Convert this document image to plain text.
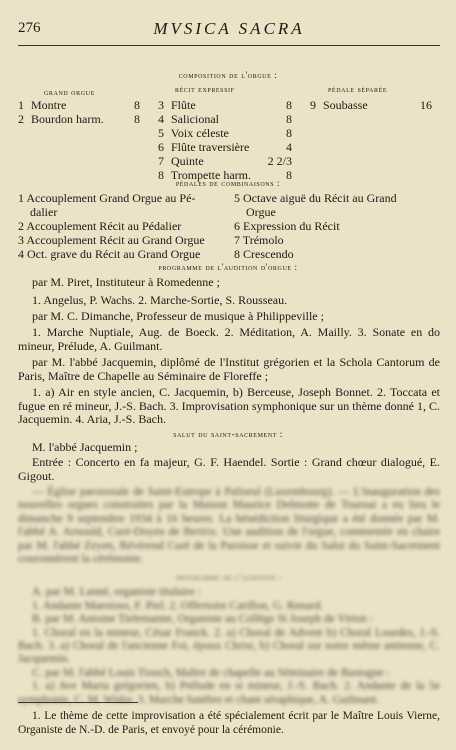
276	MVSICA SACRA
composition de l'orgue :
grand orgue	récit expressif	pédale séparée
1 Montre	8
2 Bourdon harm.	8
3 Flûte	8
4 Salicional	8
5 Voix céleste	8
6 Flûte traversière	4
7 Quinte	2 2/3
8 Trompette harm.	8
9 Soubasse	16
pédales de combinaisons :
1 Accouplement Grand Orgue au Pé-
dalier
2 Accouplement Récit au Pédalier
3 Accouplement Récit au Grand Orgue
4 Oct. grave du Récit au Grand Orgue
5 Octave aiguë du Récit au Grand
Orgue
6 Expression du Récit
7 Trémolo
8 Crescendo
programme de l'audition d'orgue :
par M. Piret, Instituteur à Romedenne ;
1. Angelus, P. Wachs. 2. Marche-Sortie, S. Rousseau.
par M. C. Dimanche, Professeur de musique à Philippeville ;
1. Marche Nuptiale, Aug. de Boeck. 2. Méditation, A. Mailly. 3. Sonate en do mineur, Prélude, A. Guilmant.
par M. l'abbé Jacquemin, diplômé de l'Institut grégorien et la Schola Cantorum de Paris, Maître de Chapelle au Séminaire de Floreffe ;
1. a) Air en style ancien, C. Jacquemin, b) Berceuse, Joseph Bonnet. 2. Toccata et fugue en ré mineur, J.-S. Bach. 3. Improvisation symphonique sur un thème donné 1, C. Jacquemin. 4. Aria, J.-S. Bach.
salut du saint-sacrement :
M. l'abbé Jacquemin ;
Entrée : Concerto en fa majeur, G. F. Haendel. Sortie : Grand chœur dialogué, E. Gigout.
— Église paroissiale de Saint-Eutrope à Paliseul (Luxembourg). — L'inauguration des nouvelles orgues construites par la Maison Maurice Delmotte de Tournai a eu lieu le dimanche 9 septembre 1934 à 16 heures. La bénédiction liturgique a été donnée par M. l'abbé A. Arnould, Curé-Doyen de Bertrix. Une audition de l'orgue, commentée en chaire par M. l'abbé Zeyen, Révérend Curé de la Paroisse et suivie du Salut du Saint-Sacrement couronnèrent la cérémonie.
programme de l'audition :
A. par M. Lanné, organiste titulaire :
1. Andante Maestoso, F. Piel. 2. Offertoire Carillon, G. Renard.
B. par M. Antoine Tielemanne, Organiste au Collège St Joseph de Virton :
1. Choral en la mineur, César Franck. 2. a) Choral de Advent b) Choral Lourdes, J.-S. Bach. 3. a) Choral de l'ancienne Foi, époux Christ, b) Choral sur notre même antienne, C. Jacquemin.
C. par M. l'abbé Louis Tiouch, Maître de chapelle au Séminaire de Bastogne :
1. a) Ave Maria grégorien, b) Prélude en si mineur, J.-S. Bach. 2. Andante de la 5e symphonie, C. M. Widor. 3. Marche funèbre et chant séraphique, A. Guilmant.
1. Le thème de cette improvisation a été spécialement écrit par le Maître Louis Vierne, Organiste de N.-D. de Paris, et envoyé pour la cérémonie.
